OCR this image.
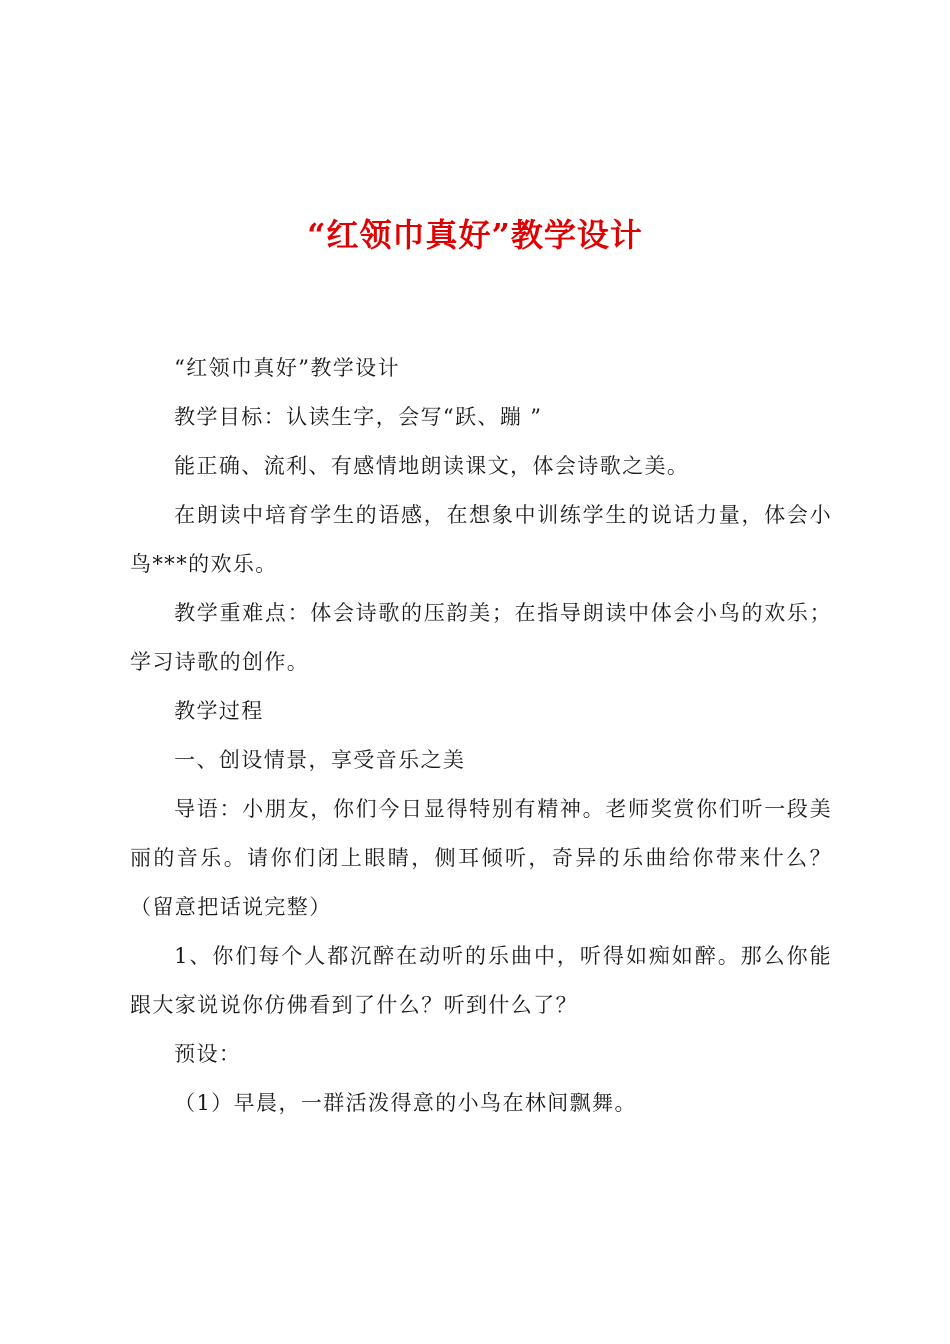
“红领巾真好”教学设计

“红领巾真好”教学设计

教学目标：认读生字，会写“跃、蹦 ”

能正确、流利、有感情地朗读课文，体会诗歌之美。

在朗读中培育学生的语感，在想象中训练学生的说话力量，体会小鸟***的欢乐。

教学重难点：体会诗歌的压韵美；在指导朗读中体会小鸟的欢乐；学习诗歌的创作。

教学过程

一、创设情景，享受音乐之美

导语：小朋友，你们今日显得特别有精神。老师奖赏你们听一段美丽的音乐。请你们闭上眼睛，侧耳倾听，奇异的乐曲给你带来什么？（留意把话说完整）

1、你们每个人都沉醉在动听的乐曲中，听得如痴如醉。那么你能跟大家说说你仿佛看到了什么？听到什么了？

预设：

（1）早晨，一群活泼得意的小鸟在林间飘舞。
